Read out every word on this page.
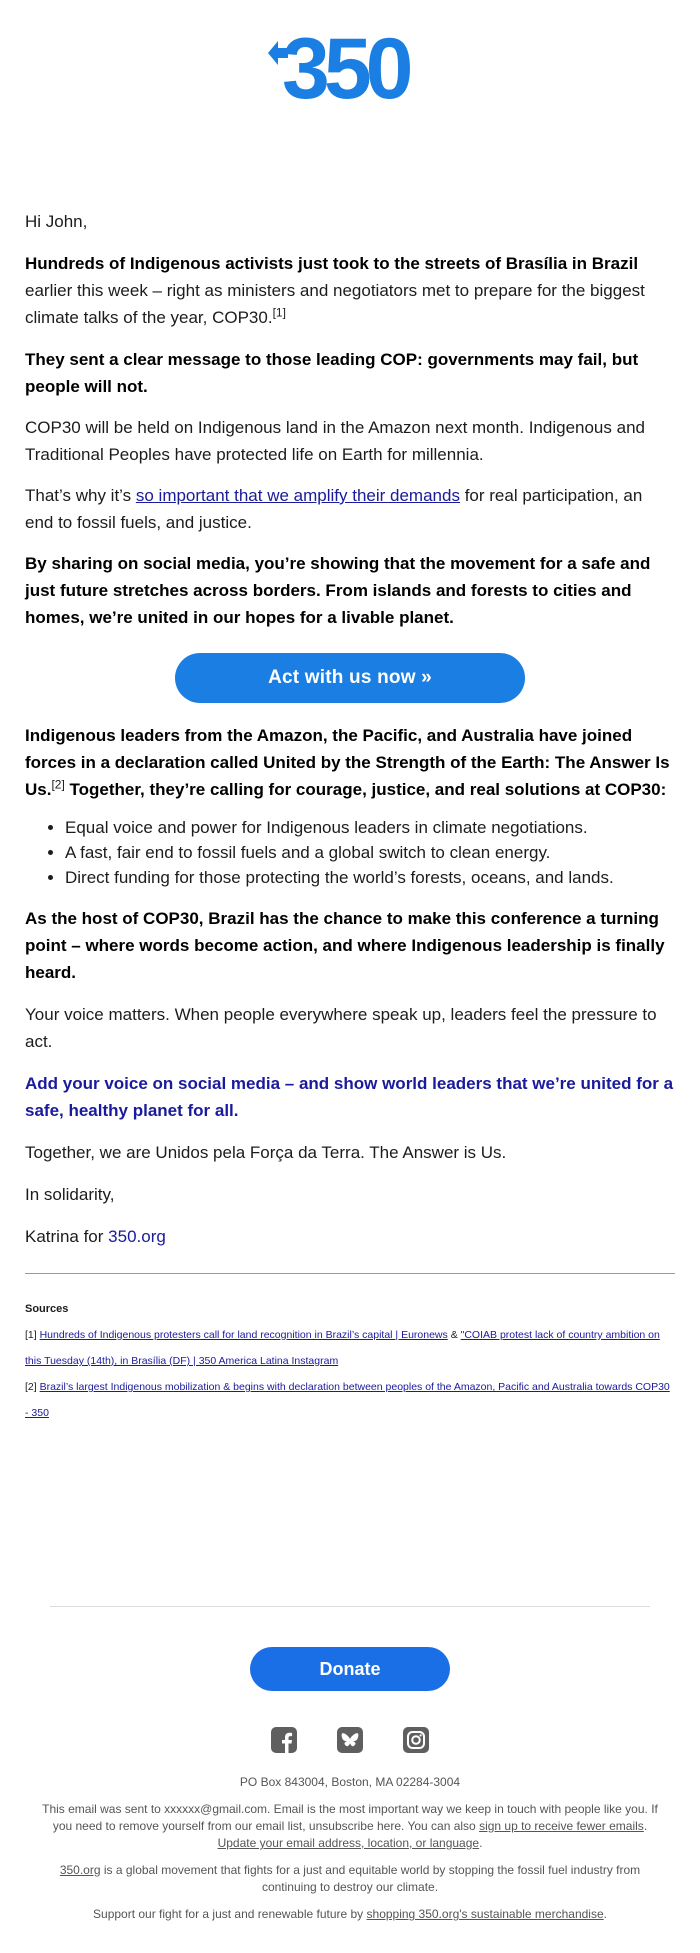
350

Hi John,

Hundreds of Indigenous activists just took to the streets of Brasília in Brazil earlier this week – right as ministers and negotiators met to prepare for the biggest climate talks of the year, COP30.[1]

They sent a clear message to those leading COP: governments may fail, but people will not.

COP30 will be held on Indigenous land in the Amazon next month. Indigenous and Traditional Peoples have protected life on Earth for millennia.

That’s why it’s so important that we amplify their demands for real participation, an end to fossil fuels, and justice.

By sharing on social media, you’re showing that the movement for a safe and just future stretches across borders. From islands and forests to cities and homes, we’re united in our hopes for a livable planet.

Act with us now »

Indigenous leaders from the Amazon, the Pacific, and Australia have joined forces in a declaration called United by the Strength of the Earth: The Answer Is Us.[2] Together, they’re calling for courage, justice, and real solutions at COP30:

• Equal voice and power for Indigenous leaders in climate negotiations.
• A fast, fair end to fossil fuels and a global switch to clean energy.
• Direct funding for those protecting the world’s forests, oceans, and lands.

As the host of COP30, Brazil has the chance to make this conference a turning point – where words become action, and where Indigenous leadership is finally heard.

Your voice matters. When people everywhere speak up, leaders feel the pressure to act.

Add your voice on social media – and show world leaders that we’re united for a safe, healthy planet for all.

Together, we are Unidos pela Força da Terra. The Answer is Us.

In solidarity,

Katrina for 350.org

Sources
[1] Hundreds of Indigenous protesters call for land recognition in Brazil’s capital | Euronews & "COIAB protest lack of country ambition on this Tuesday (14th), in Brasília (DF) | 350 America Latina Instagram
[2] Brazil’s largest Indigenous mobilization & begins with declaration between peoples of the Amazon, Pacific and Australia towards COP30 - 350
Donate

PO Box 843004, Boston, MA 02284-3004

This email was sent to xxxxxx@gmail.com. Email is the most important way we keep in touch with people like you. If you need to remove yourself from our email list, unsubscribe here. You can also sign up to receive fewer emails. Update your email address, location, or language.

350.org is a global movement that fights for a just and equitable world by stopping the fossil fuel industry from continuing to destroy our climate.

Support our fight for a just and renewable future by shopping 350.org's sustainable merchandise.
